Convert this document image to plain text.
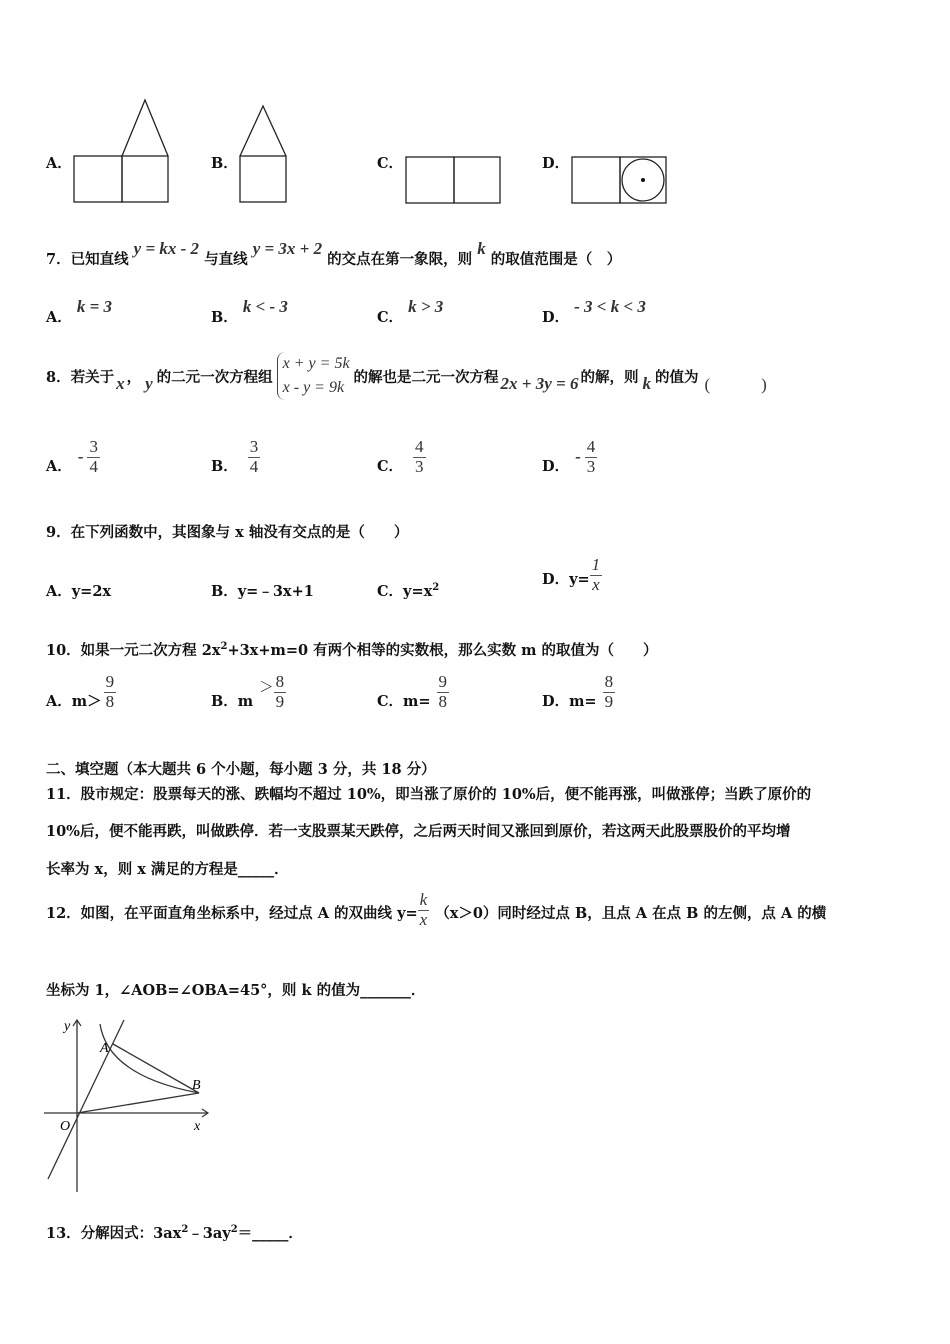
A．	B．	C．	D．
7．已知直线 y = kx - 2 与直线 y = 3x + 2 的交点在第一象限，则 k 的取值范围是（　）
A． k = 3
B． k < - 3
C． k > 3
D． - 3 < k < 3
8．若关于 x ， y 的二元一次方程组
x + y = 5k
x - y = 9k
的解也是二元一次方程 2x + 3y = 6 的解，则 k 的值为 (　　　)
A． - $\frac{3}{4}$	B． $\frac{3}{4}$	C． $\frac{4}{3}$	D． - $\frac{4}{3}$
9．在下列函数中，其图象与 x 轴没有交点的是（　　）
A．y=2x	B．y=﹣3x+1	C．$y=x^2$	D．$y= \frac{1}{x}$
10．如果一元二次方程 $2x^2+3x+m=0$ 有两个相等的实数根，那么实数 m 的取值为（　　）
A．$m> \frac{9}{8}$	B．m
＞ $\frac{8}{9}$	C．$m= \frac{9}{8}$	D．$m= \frac{8}{9}$
二、填空题（本大题共 6 个小题，每小题 3 分，共 18 分）
11．股市规定：股票每天的涨、跌幅均不超过 10%，即当涨了原价的 10%后，便不能再涨，叫做涨停；当跌了原价的
10%后，便不能再跌，叫做跌停．若一支股票某天跌停，之后两天时间又涨回到原价，若这两天此股票股价的平均增
长率为 x，则 x 满足的方程是_____．
12．如图，在平面直角坐标系中，经过点 A 的双曲线 $y= \frac{k}{x} (x>0)$同时经过点 B，且点 A 在点 B 的左侧，点 A 的横
坐标为 1，∠AOB=∠OBA=45°，则 k 的值为_______．
y
A
B
O	x
13．分解因式：$3ax^2﹣3ay^2=\_\_\_\_\_$．
